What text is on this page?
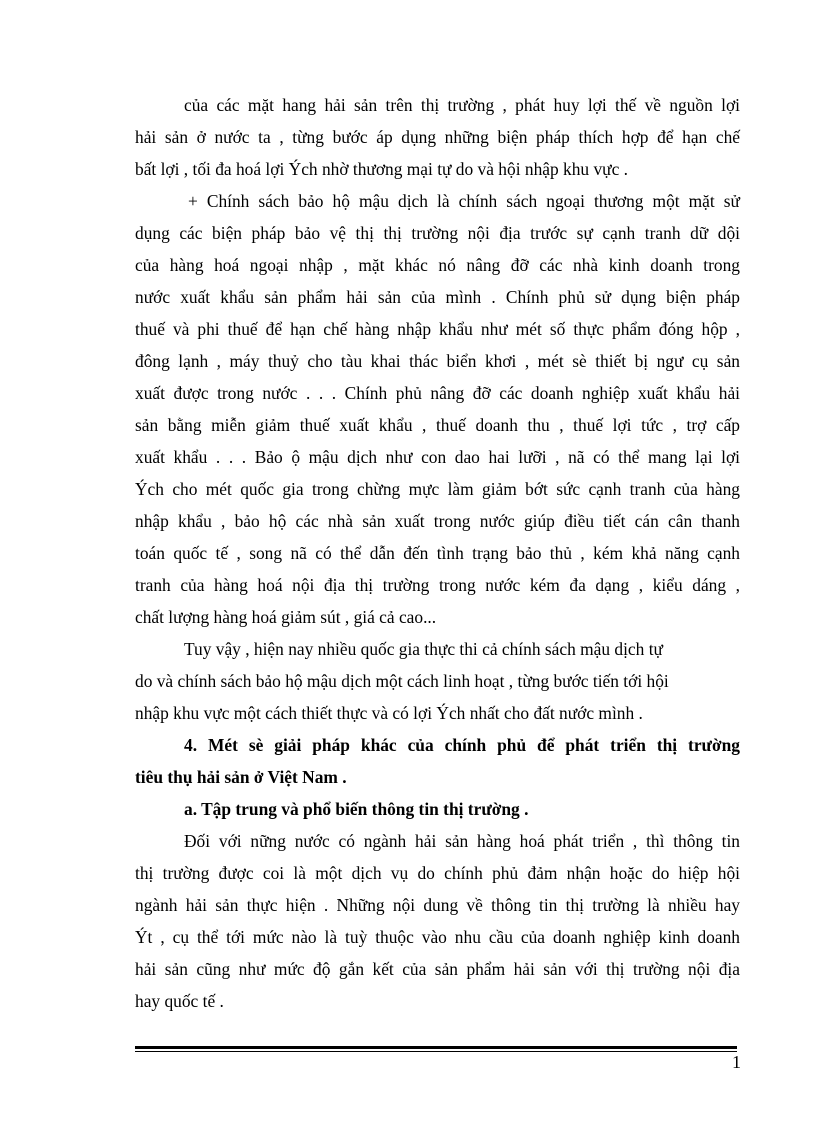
của các mặt hang hải sản trên thị trường , phát huy lợi thế về nguồn lợi
hải sản ở nước ta , từng bước áp dụng những biện pháp thích hợp để hạn chế
bất lợi , tối đa hoá lợi Ých nhờ thương mại tự do và hội nhập khu vực .
+ Chính sách bảo hộ mậu dịch là chính sách ngoại thương một mặt sử
dụng các biện pháp bảo vệ thị thị trường nội địa trước sự cạnh tranh dữ dội
của hàng hoá ngoại nhập , mặt khác nó nâng đỡ các nhà kinh doanh trong
nước xuất khẩu sản phẩm hải sản của mình . Chính phủ sử dụng biện pháp
thuế và phi thuế để hạn chế hàng nhập khẩu như mét số thực phẩm đóng hộp ,
đông lạnh , máy thuỷ cho tàu khai thác biển khơi , mét sè thiết bị ngư cụ sản
xuất được trong nước . . . Chính phủ nâng đỡ các doanh nghiệp xuất khẩu hải
sản bằng miễn giảm thuế xuất khẩu , thuế doanh thu , thuế lợi tức , trợ cấp
xuất khẩu . . . Bảo ộ mậu dịch như con dao hai lưỡi , nã có thể mang lại lợi
Ých cho mét quốc gia trong chừng mực làm giảm bớt sức cạnh tranh của hàng
nhập khẩu , bảo hộ các nhà sản xuất trong nước giúp điều tiết cán cân thanh
toán quốc tế , song nã có thể dẫn đến tình trạng bảo thủ , kém khả năng cạnh
tranh của hàng hoá nội địa thị trường trong nước kém đa dạng , kiểu dáng ,
chất lượng hàng hoá giảm sút , giá cả cao...
Tuy vậy , hiện nay nhiều quốc gia thực thi cả chính sách mậu dịch tự
do và chính sách bảo hộ mậu dịch một cách linh hoạt , từng bước tiến tới hội
nhập khu vực một cách thiết thực và có lợi Ých nhất cho đất nước mình .
4. Mét sè giải pháp khác của chính phủ để phát triển thị trường
tiêu thụ hải sản ở Việt Nam .
a. Tập trung và phổ biến thông tin thị trường .
Đối với nững nước có ngành hải sản hàng hoá phát triển , thì thông tin
thị trường được coi là một dịch vụ do chính phủ đảm nhận hoặc do hiệp hội
ngành hải sản thực hiện . Những nội dung về thông tin thị trường là nhiều hay
Ýt , cụ thể tới mức nào là tuỳ thuộc vào nhu cầu của doanh nghiệp kinh doanh
hải sản cũng như mức độ gắn kết của sản phẩm hải sản với thị trường nội địa
hay quốc tế .
1
